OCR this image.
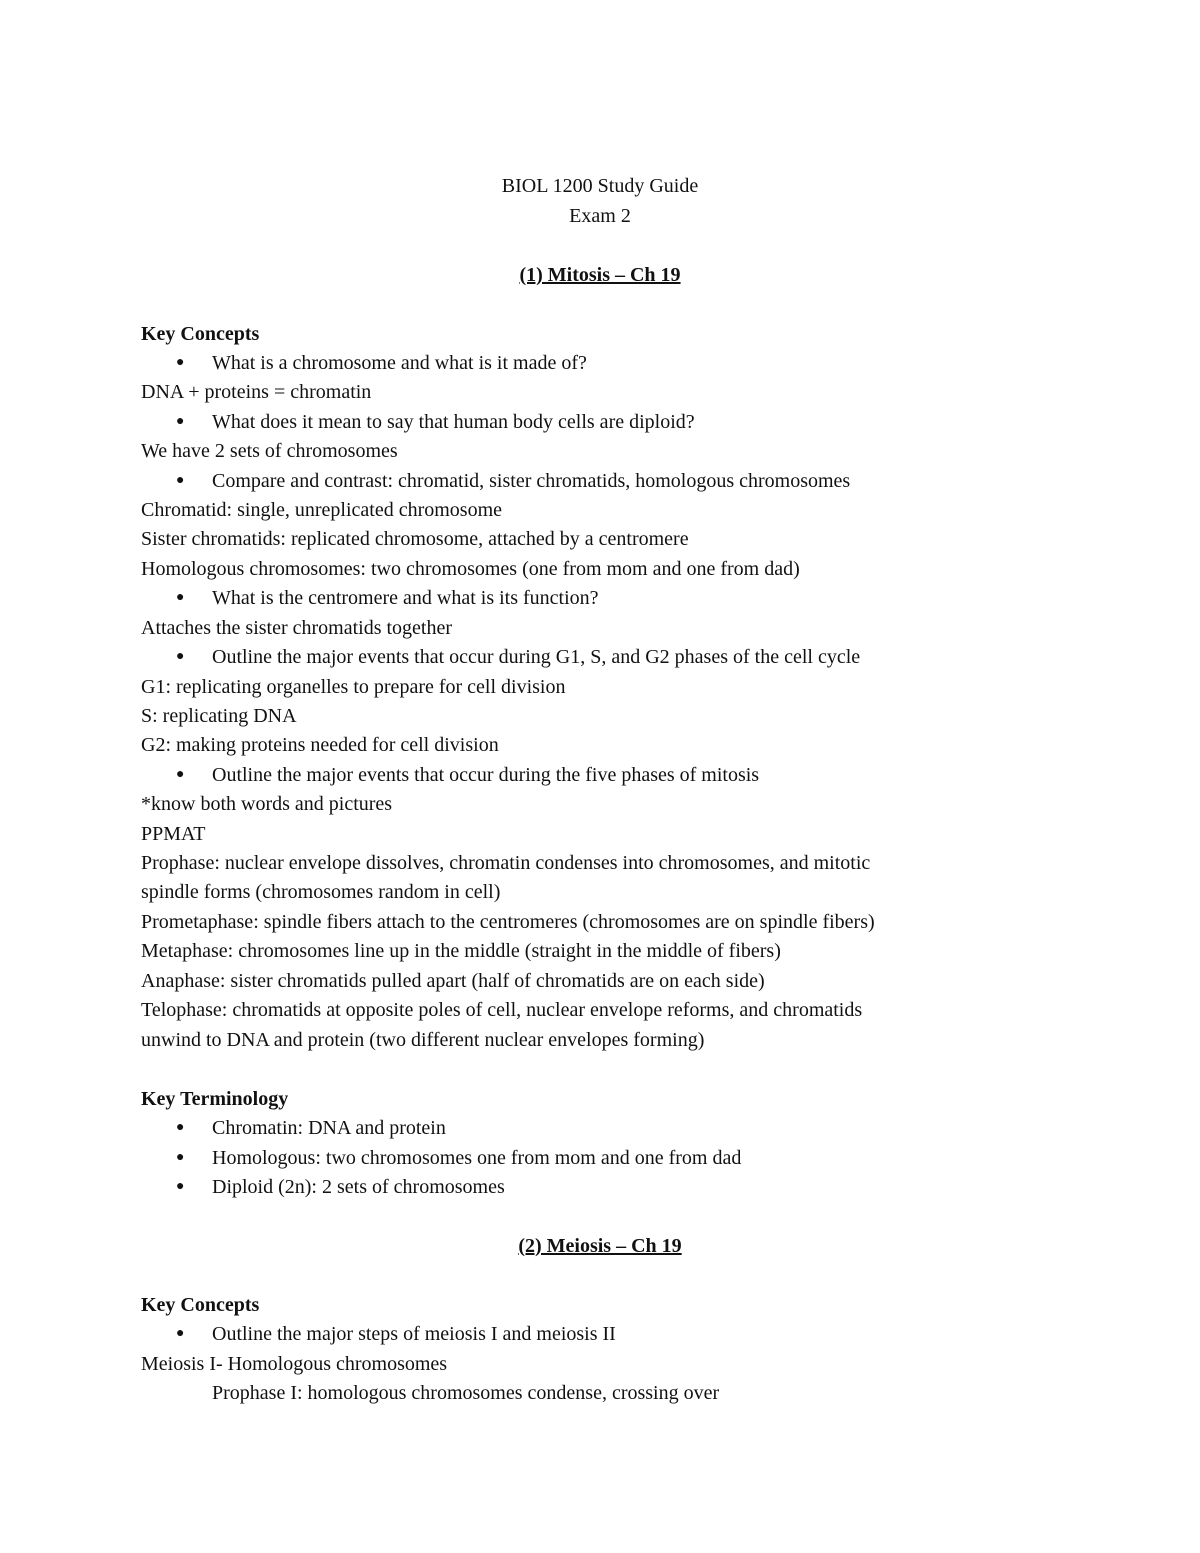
BIOL 1200 Study Guide
Exam 2
(1) Mitosis – Ch 19
Key Concepts
● What is a chromosome and what is it made of?
DNA + proteins = chromatin
● What does it mean to say that human body cells are diploid?
We have 2 sets of chromosomes
● Compare and contrast: chromatid, sister chromatids, homologous chromosomes
Chromatid: single, unreplicated chromosome
Sister chromatids: replicated chromosome, attached by a centromere
Homologous chromosomes: two chromosomes (one from mom and one from dad)
● What is the centromere and what is its function?
Attaches the sister chromatids together
● Outline the major events that occur during G1, S, and G2 phases of the cell cycle
G1: replicating organelles to prepare for cell division
S: replicating DNA
G2: making proteins needed for cell division
● Outline the major events that occur during the five phases of mitosis
*know both words and pictures
PPMAT
Prophase: nuclear envelope dissolves, chromatin condenses into chromosomes, and mitotic
spindle forms (chromosomes random in cell)
Prometaphase: spindle fibers attach to the centromeres (chromosomes are on spindle fibers)
Metaphase: chromosomes line up in the middle (straight in the middle of fibers)
Anaphase: sister chromatids pulled apart (half of chromatids are on each side)
Telophase: chromatids at opposite poles of cell, nuclear envelope reforms, and chromatids
unwind to DNA and protein (two different nuclear envelopes forming)
Key Terminology
● Chromatin: DNA and protein
● Homologous: two chromosomes one from mom and one from dad
● Diploid (2n): 2 sets of chromosomes
(2) Meiosis – Ch 19
Key Concepts
● Outline the major steps of meiosis I and meiosis II
Meiosis I- Homologous chromosomes
Prophase I: homologous chromosomes condense, crossing over
